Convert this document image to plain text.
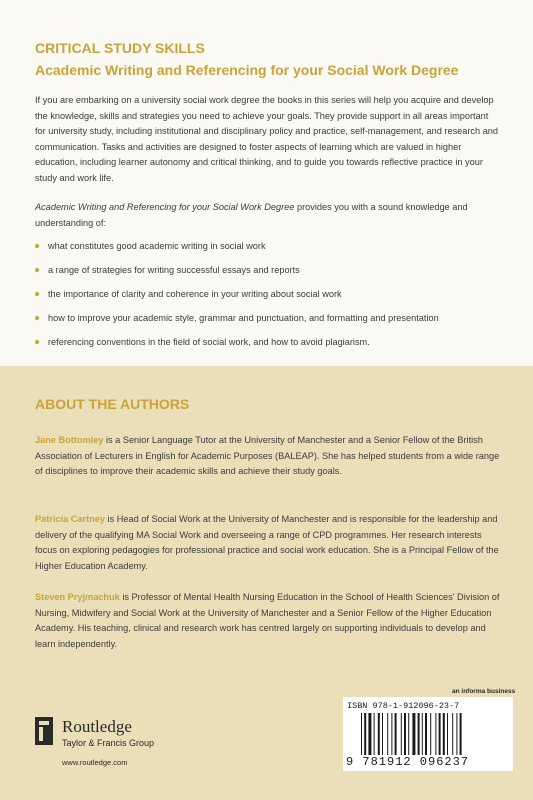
CRITICAL STUDY SKILLS
Academic Writing and Referencing for your Social Work Degree

If you are embarking on a university social work degree the books in this series will help you acquire and develop the knowledge, skills and strategies you need to achieve your goals. They provide support in all areas important for university study, including institutional and disciplinary policy and practice, self-management, and research and communication. Tasks and activities are designed to foster aspects of learning which are valued in higher education, including learner autonomy and critical thinking, and to guide you towards reflective practice in your study and work life.

Academic Writing and Referencing for your Social Work Degree provides you with a sound knowledge and understanding of:

what constitutes good academic writing in social work
a range of strategies for writing successful essays and reports
the importance of clarity and coherence in your writing about social work
how to improve your academic style, grammar and punctuation, and formatting and presentation
referencing conventions in the field of social work, and how to avoid plagiarism.
ABOUT THE AUTHORS

Jane Bottomley is a Senior Language Tutor at the University of Manchester and a Senior Fellow of the British Association of Lecturers in English for Academic Purposes (BALEAP). She has helped students from a wide range of disciplines to improve their academic skills and achieve their study goals.

Patricia Cartney is Head of Social Work at the University of Manchester and is responsible for the leadership and delivery of the qualifying MA Social Work and overseeing a range of CPD programmes. Her research interests focus on exploring pedagogies for professional practice and social work education. She is a Principal Fellow of the Higher Education Academy.

Steven Pryjmachuk is Professor of Mental Health Nursing Education in the School of Health Sciences' Division of Nursing, Midwifery and Social Work at the University of Manchester and a Senior Fellow of the Higher Education Academy. His teaching, clinical and research work has centred largely on supporting individuals to develop and learn independently.

Routledge
Taylor & Francis Group
www.routledge.com
an informa business
ISBN 978-1-912096-23-7
9 781912 096237
